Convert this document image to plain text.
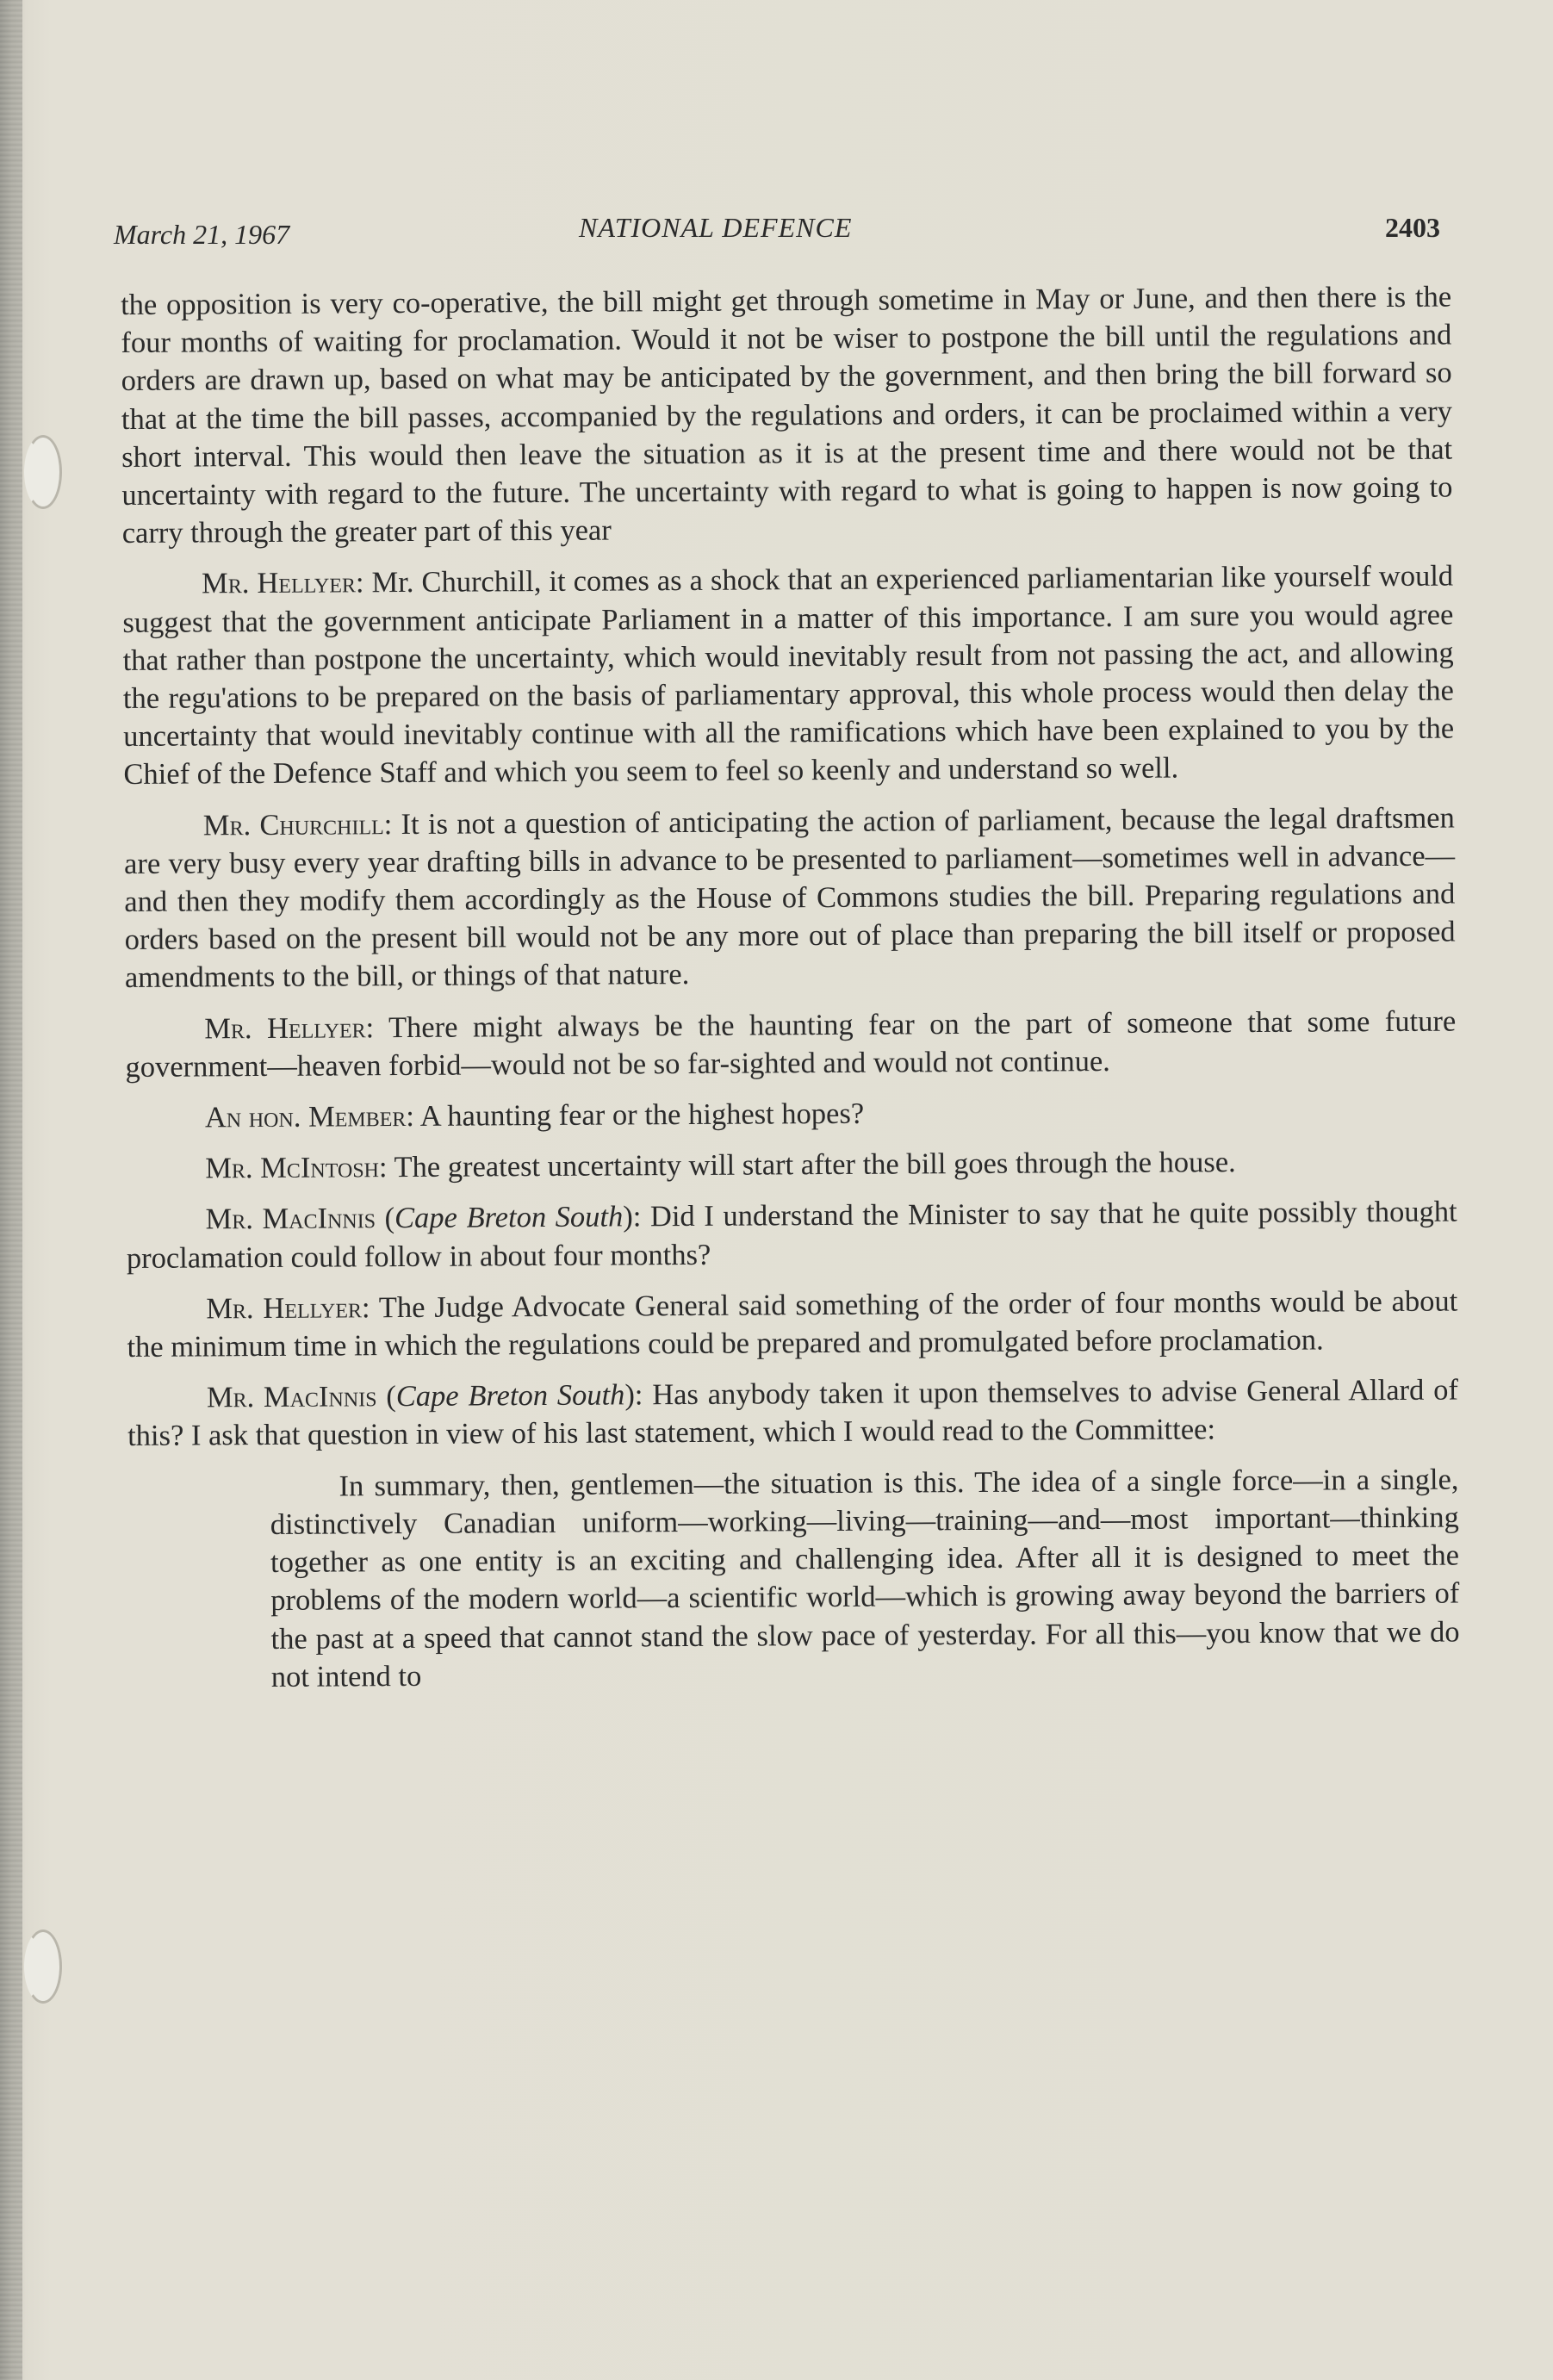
March 21, 1967	NATIONAL DEFENCE	2403

the opposition is very co-operative, the bill might get through sometime in May or June, and then there is the four months of waiting for proclamation. Would it not be wiser to postpone the bill until the regulations and orders are drawn up, based on what may be anticipated by the government, and then bring the bill forward so that at the time the bill passes, accompanied by the regulations and orders, it can be proclaimed within a very short interval. This would then leave the situation as it is at the present time and there would not be that uncertainty with regard to the future. The uncertainty with regard to what is going to happen is now going to carry through the greater part of this year

Mr. Hellyer: Mr. Churchill, it comes as a shock that an experienced parliamentarian like yourself would suggest that the government anticipate Parliament in a matter of this importance. I am sure you would agree that rather than postpone the uncertainty, which would inevitably result from not passing the act, and allowing the regu'ations to be prepared on the basis of parliamentary approval, this whole process would then delay the uncertainty that would inevitably continue with all the ramifications which have been explained to you by the Chief of the Defence Staff and which you seem to feel so keenly and understand so well.

Mr. Churchill: It is not a question of anticipating the action of parliament, because the legal draftsmen are very busy every year drafting bills in advance to be presented to parliament—sometimes well in advance—and then they modify them accordingly as the House of Commons studies the bill. Preparing regulations and orders based on the present bill would not be any more out of place than preparing the bill itself or proposed amendments to the bill, or things of that nature.

Mr. Hellyer: There might always be the haunting fear on the part of someone that some future government—heaven forbid—would not be so far-sighted and would not continue.

An hon. Member: A haunting fear or the highest hopes?

Mr. McIntosh: The greatest uncertainty will start after the bill goes through the house.

Mr. MacInnis (Cape Breton South): Did I understand the Minister to say that he quite possibly thought proclamation could follow in about four months?

Mr. Hellyer: The Judge Advocate General said something of the order of four months would be about the minimum time in which the regulations could be prepared and promulgated before proclamation.

Mr. MacInnis (Cape Breton South): Has anybody taken it upon themselves to advise General Allard of this? I ask that question in view of his last statement, which I would read to the Committee:

In summary, then, gentlemen—the situation is this. The idea of a single force—in a single, distinctively Canadian uniform—working—living—training—and—most important—thinking together as one entity is an exciting and challenging idea. After all it is designed to meet the problems of the modern world—a scientific world—which is growing away beyond the barriers of the past at a speed that cannot stand the slow pace of yesterday. For all this—you know that we do not intend to
